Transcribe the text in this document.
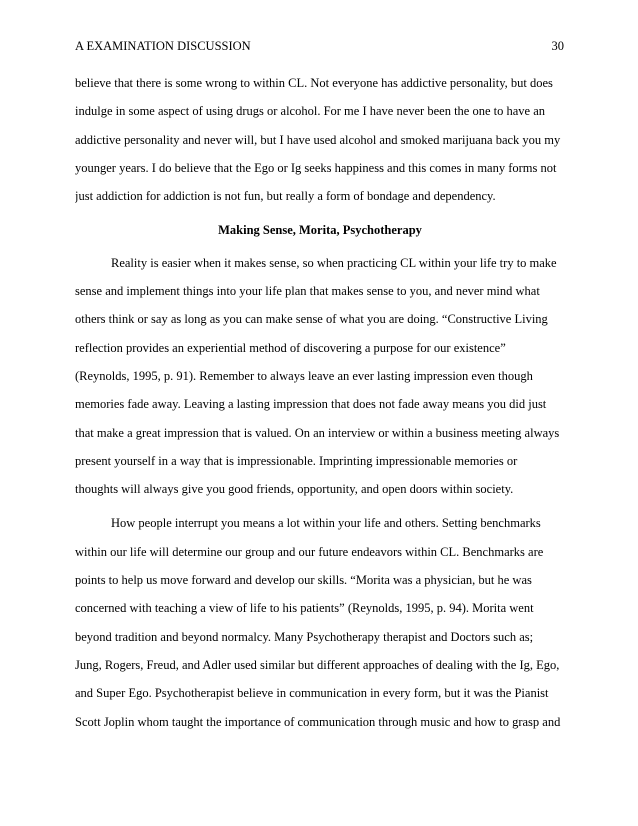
A EXAMINATION DISCUSSION	30
believe that there is some wrong to within CL. Not everyone has addictive personality, but does
indulge in some aspect of using drugs or alcohol. For me I have never been the one to have an
addictive personality and never will, but I have used alcohol and smoked marijuana back you my
younger years. I do believe that the Ego or Ig seeks happiness and this comes in many forms not
just addiction for addiction is not fun, but really a form of bondage and dependency.
Making Sense, Morita, Psychotherapy
Reality is easier when it makes sense, so when practicing CL within your life try to make
sense and implement things into your life plan that makes sense to you, and never mind what
others think or say as long as you can make sense of what you are doing. “Constructive Living
reflection provides an experiential method of discovering a purpose for our existence”
(Reynolds, 1995, p. 91). Remember to always leave an ever lasting impression even though
memories fade away. Leaving a lasting impression that does not fade away means you did just
that make a great impression that is valued. On an interview or within a business meeting always
present yourself in a way that is impressionable. Imprinting impressionable memories or
thoughts will always give you good friends, opportunity, and open doors within society.
How people interrupt you means a lot within your life and others. Setting benchmarks
within our life will determine our group and our future endeavors within CL. Benchmarks are
points to help us move forward and develop our skills. “Morita was a physician, but he was
concerned with teaching a view of life to his patients” (Reynolds, 1995, p. 94). Morita went
beyond tradition and beyond normalcy. Many Psychotherapy therapist and Doctors such as;
Jung, Rogers, Freud, and Adler used similar but different approaches of dealing with the Ig, Ego,
and Super Ego. Psychotherapist believe in communication in every form, but it was the Pianist
Scott Joplin whom taught the importance of communication through music and how to grasp and
